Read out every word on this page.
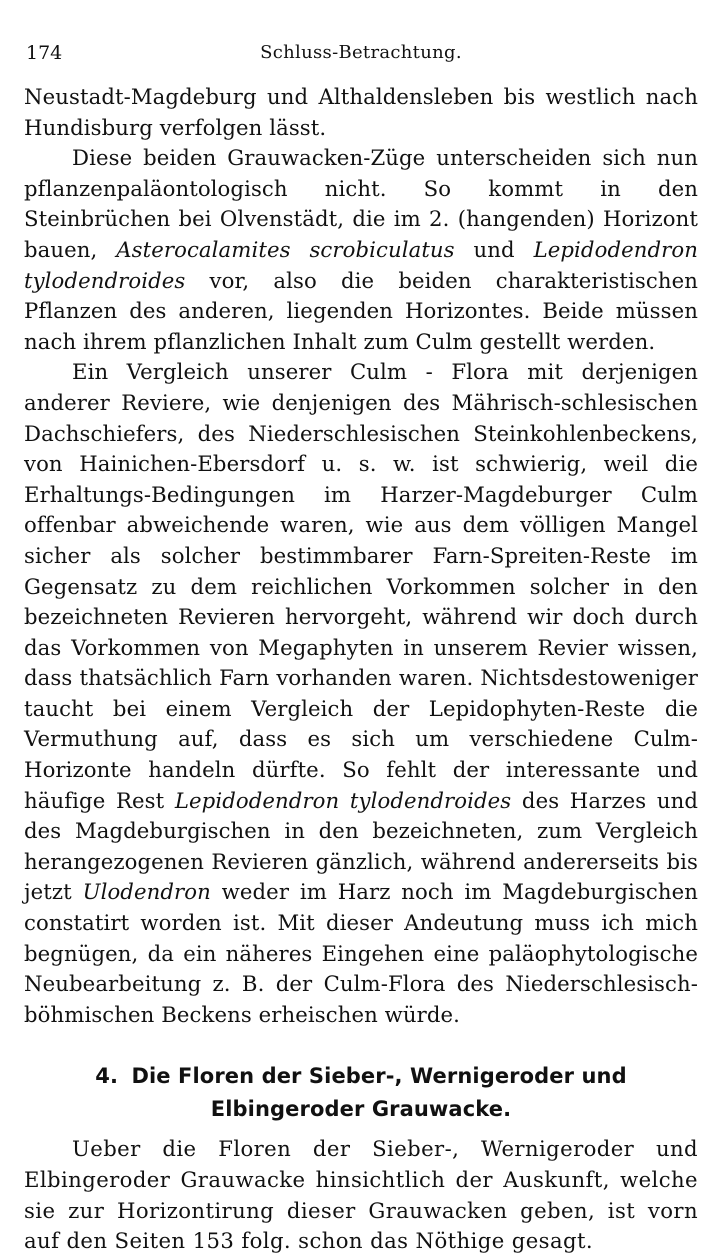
174	Schluss-Betrachtung.

Neustadt-Magdeburg und Althaldensleben bis westlich nach Hundisburg verfolgen lässt.

Diese beiden Grauwacken-Züge unterscheiden sich nun pflanzenpaläontologisch nicht. So kommt in den Steinbrüchen bei Olvenstädt, die im 2. (hangenden) Horizont bauen, Asterocalamites scrobiculatus und Lepidodendron tylodendroides vor, also die beiden charakteristischen Pflanzen des anderen, liegenden Horizontes. Beide müssen nach ihrem pflanzlichen Inhalt zum Culm gestellt werden.

Ein Vergleich unserer Culm - Flora mit derjenigen anderer Reviere, wie denjenigen des Mährisch-schlesischen Dachschiefers, des Niederschlesischen Steinkohlenbeckens, von Hainichen-Ebersdorf u. s. w. ist schwierig, weil die Erhaltungs-Bedingungen im Harzer-Magdeburger Culm offenbar abweichende waren, wie aus dem völligen Mangel sicher als solcher bestimmbarer Farn-Spreiten-Reste im Gegensatz zu dem reichlichen Vorkommen solcher in den bezeichneten Revieren hervorgeht, während wir doch durch das Vorkommen von Megaphyten in unserem Revier wissen, dass thatsächlich Farn vorhanden waren. Nichtsdestoweniger taucht bei einem Vergleich der Lepidophyten-Reste die Vermuthung auf, dass es sich um verschiedene Culm-Horizonte handeln dürfte. So fehlt der interessante und häufige Rest Lepidodendron tylodendroides des Harzes und des Magdeburgischen in den bezeichneten, zum Vergleich herangezogenen Revieren gänzlich, während andererseits bis jetzt Ulodendron weder im Harz noch im Magdeburgischen constatirt worden ist. Mit dieser Andeutung muss ich mich begnügen, da ein näheres Eingehen eine paläophytologische Neubearbeitung z. B. der Culm-Flora des Niederschlesisch-böhmischen Beckens erheischen würde.

4. Die Floren der Sieber-, Wernigeroder und Elbingeroder Grauwacke.

Ueber die Floren der Sieber-, Wernigeroder und Elbingeroder Grauwacke hinsichtlich der Auskunft, welche sie zur Horizontirung dieser Grauwacken geben, ist vorn auf den Seiten 153 folg. schon das Nöthige gesagt.
